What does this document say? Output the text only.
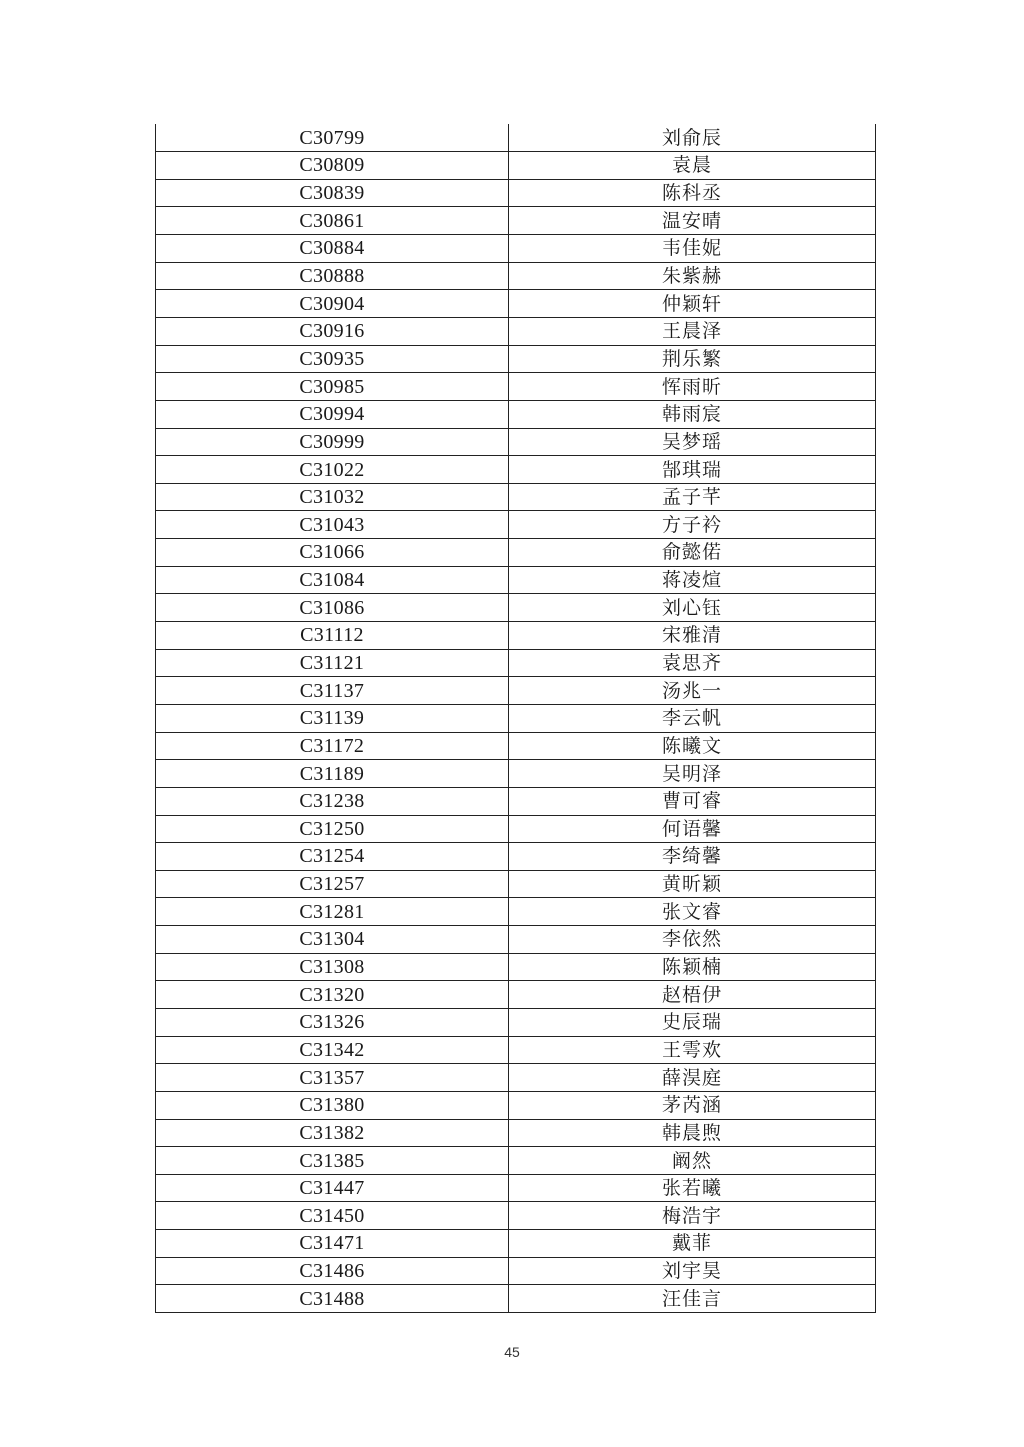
C30799	刘俞辰
C30809	袁晨
C30839	陈科丞
C30861	温安晴
C30884	韦佳妮
C30888	朱紫赫
C30904	仲颖轩
C30916	王晨泽
C30935	荆乐繁
C30985	恽雨昕
C30994	韩雨宸
C30999	吴梦瑶
C31022	郜琪瑞
C31032	孟子芊
C31043	方子衿
C31066	俞懿偌
C31084	蒋凌煊
C31086	刘心钰
C31112	宋雅清
C31121	袁思齐
C31137	汤兆一
C31139	李云帆
C31172	陈曦文
C31189	吴明泽
C31238	曹可睿
C31250	何语馨
C31254	李绮馨
C31257	黄昕颖
C31281	张文睿
C31304	李依然
C31308	陈颖楠
C31320	赵梧伊
C31326	史辰瑞
C31342	王雩欢
C31357	薛淏庭
C31380	茅芮涵
C31382	韩晨煦
C31385	阚然
C31447	张若曦
C31450	梅浩宇
C31471	戴菲
C31486	刘宇昊
C31488	汪佳言
45
